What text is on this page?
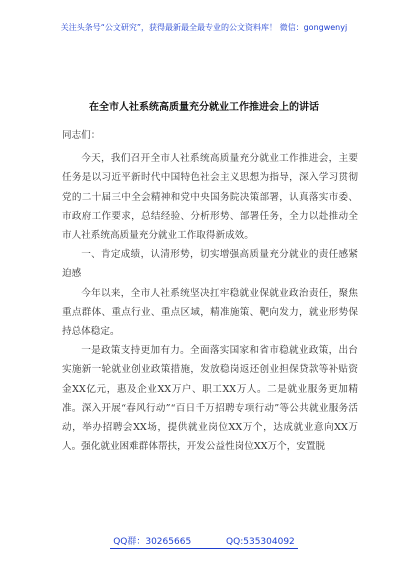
关注头条号“公文研究”，获得最新最全最专业的公文资料库！ 微信：gongwenyj
在全市人社系统高质量充分就业工作推进会上的讲话

同志们：

今天，我们召开全市人社系统高质量充分就业工作推进会，主要任务是以习近平新时代中国特色社会主义思想为指导，深入学习贯彻党的二十届三中全会精神和党中央国务院决策部署，认真落实市委、市政府工作要求，总结经验、分析形势、部署任务，全力以赴推动全市人社系统高质量充分就业工作取得新成效。

一、肯定成绩，认清形势，切实增强高质量充分就业的责任感紧迫感

今年以来，全市人社系统坚决扛牢稳就业保就业政治责任，聚焦重点群体、重点行业、重点区域，精准施策、靶向发力，就业形势保持总体稳定。

一是政策支持更加有力。全面落实国家和省市稳就业政策，出台实施新一轮就业创业政策措施，发放稳岗返还创业担保贷款等补贴资金XX亿元，惠及企业XX万户、职工XX万人。二是就业服务更加精准。深入开展“春风行动”“百日千万招聘专项行动”等公共就业服务活动，举办招聘会XX场，提供就业岗位XX万个，达成就业意向XX万人。强化就业困难群体帮扶，开发公益性岗位XX万个，安置脱

QQ群：30265665	QQ:535304092
